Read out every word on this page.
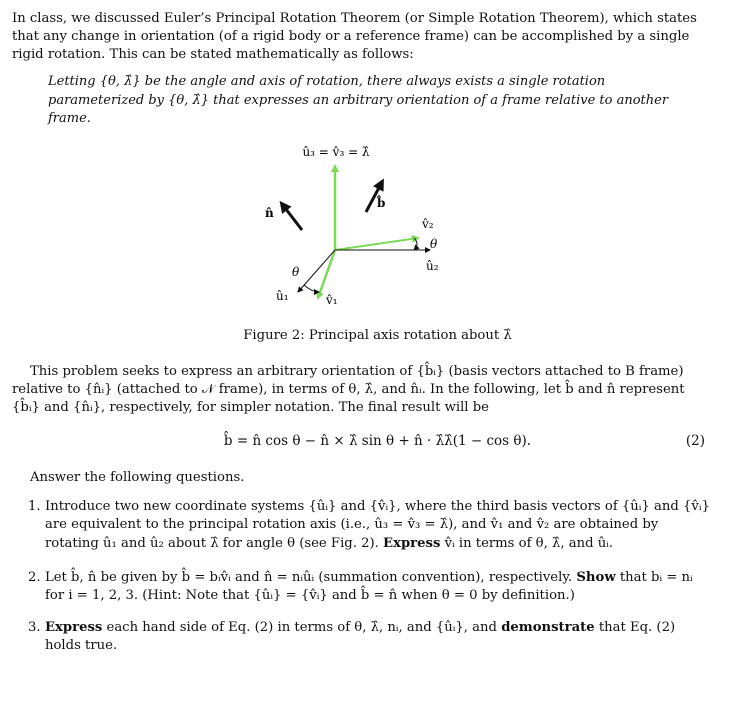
In class, we discussed Euler’s Principal Rotation Theorem (or Simple Rotation Theorem), which states that any change in orientation (of a rigid body or a reference frame) can be accomplished by a single rigid rotation. This can be stated mathematically as follows:
Letting {θ, λ̂} be the angle and axis of rotation, there always exists a single rotation parameterized by {θ, λ̂} that expresses an arbitrary orientation of a frame relative to another frame.
û₃ = v̂₃ = λ̂
n̂
b̂
v̂₂
θ
û₂
θ
û₁	v̂₁
Figure 2: Principal axis rotation about λ̂
This problem seeks to express an arbitrary orientation of {b̂ᵢ} (basis vectors attached to B frame) relative to {n̂ᵢ} (attached to 𝒩 frame), in terms of θ, λ̂, and n̂ᵢ. In the following, let b̂ and n̂ represent {b̂ᵢ} and {n̂ᵢ}, respectively, for simpler notation. The final result will be
b̂ = n̂ cos θ − n̂ × λ̂ sin θ + n̂ · λ̂λ̂(1 − cos θ).	(2)
Answer the following questions.
1. Introduce two new coordinate systems {ûᵢ} and {v̂ᵢ}, where the third basis vectors of {ûᵢ} and {v̂ᵢ} are equivalent to the principal rotation axis (i.e., û₃ = v̂₃ = λ̂), and v̂₁ and v̂₂ are obtained by rotating û₁ and û₂ about λ̂ for angle θ (see Fig. 2). Express v̂ᵢ in terms of θ, λ̂, and ûᵢ.
2. Let b̂, n̂ be given by b̂ = bᵢv̂ᵢ and n̂ = nᵢûᵢ (summation convention), respectively. Show that bᵢ = nᵢ for i = 1, 2, 3. (Hint: Note that {ûᵢ} = {v̂ᵢ} and b̂ = n̂ when θ = 0 by definition.)
3. Express each hand side of Eq. (2) in terms of θ, λ̂, nᵢ, and {ûᵢ}, and demonstrate that Eq. (2) holds true.
